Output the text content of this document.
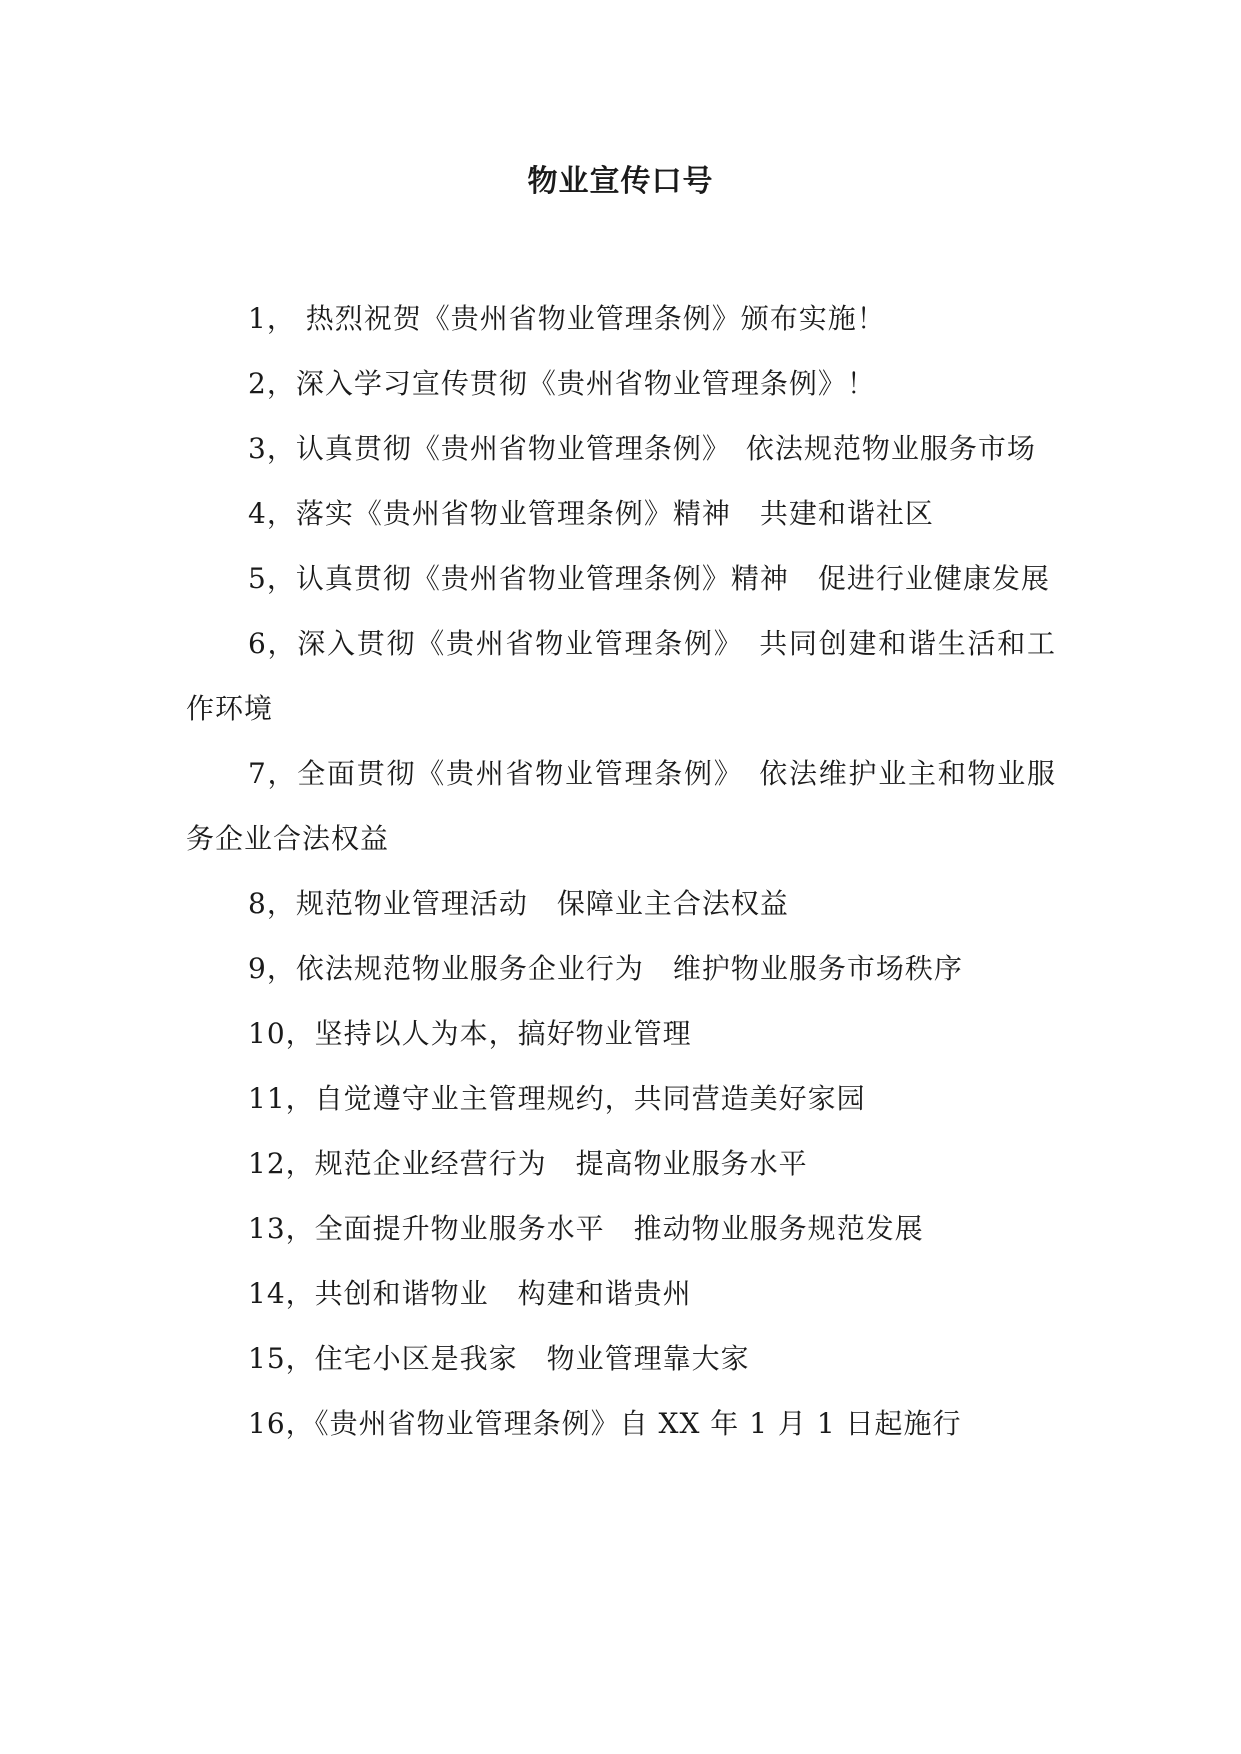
物业宣传口号

1， 热烈祝贺《贵州省物业管理条例》颁布实施！

2，深入学习宣传贯彻《贵州省物业管理条例》！

3，认真贯彻《贵州省物业管理条例》　依法规范物业服务市场

4，落实《贵州省物业管理条例》精神　共建和谐社区

5，认真贯彻《贵州省物业管理条例》精神　促进行业健康发展

6，深入贯彻《贵州省物业管理条例》　共同创建和谐生活和工作环境

7，全面贯彻《贵州省物业管理条例》　依法维护业主和物业服务企业合法权益

8，规范物业管理活动　保障业主合法权益

9，依法规范物业服务企业行为　维护物业服务市场秩序

10，坚持以人为本，搞好物业管理

11，自觉遵守业主管理规约，共同营造美好家园

12，规范企业经营行为　提高物业服务水平

13，全面提升物业服务水平　推动物业服务规范发展

14，共创和谐物业　构建和谐贵州

15，住宅小区是我家　物业管理靠大家

16，《贵州省物业管理条例》自 XX 年 1 月 1 日起施行
